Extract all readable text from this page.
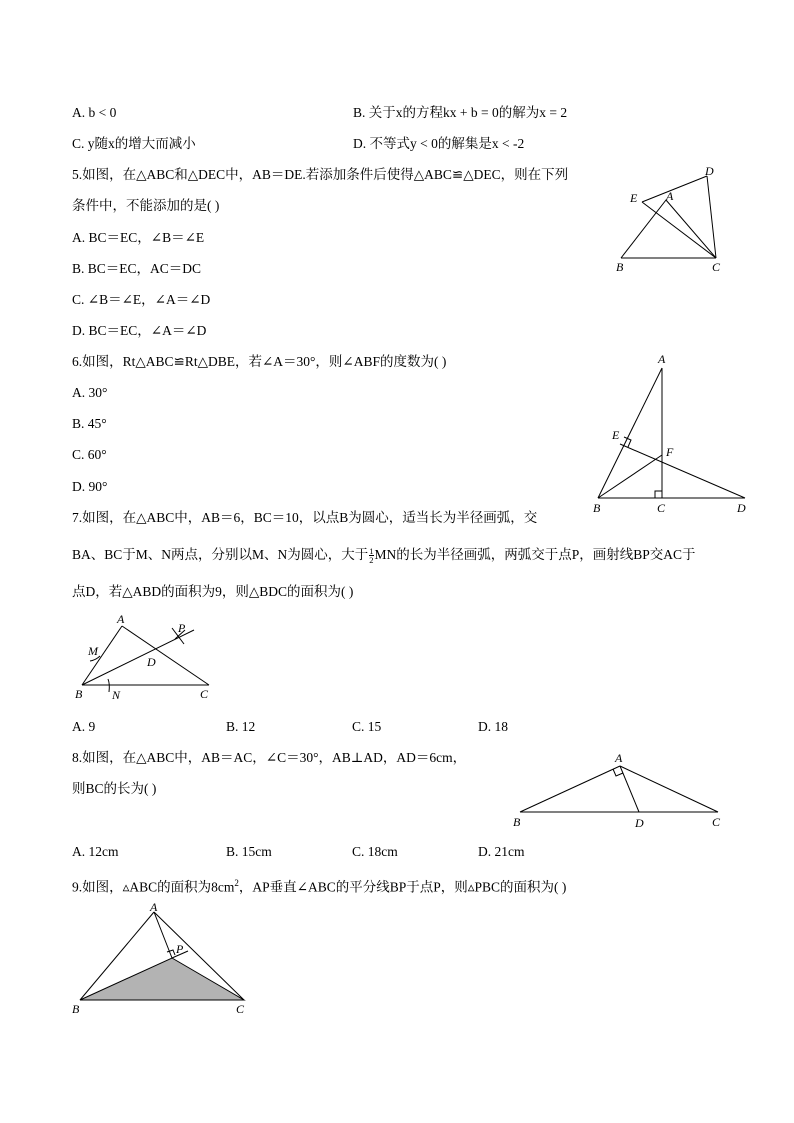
A. b < 0	B. 关于x的方程kx + b = 0的解为x = 2
C. y随x的增大而减小	D. 不等式y < 0的解集是x < -2
5.如图，在△ABC和△DEC中，AB＝DE.若添加条件后使得△ABC≌△DEC，则在下列
条件中，不能添加的是( )
A. BC＝EC，∠B＝∠E
B. BC＝EC，AC＝DC
C. ∠B＝∠E，∠A＝∠D
D. BC＝EC，∠A＝∠D
E A
D
B	C
6.如图，Rt△ABC≌Rt△DBE，若∠A＝30°，则∠ABF的度数为( )
A. 30°
B. 45°
C. 60°
D. 90°
A
E
F
B	C	D
7.如图，在△ABC中，AB＝6，BC＝10，以点B为圆心，适当长为半径画弧，交
BA、BC于M、N两点，分别以M、N为圆心，大于 $\frac{1}{2}$ MN的长为半径画弧，两弧交于点P，画射线BP交AC于
点D，若△ABD的面积为9，则△BDC的面积为( )
A
M
P
D
B N	C
A. 9	B. 12	C. 15	D. 18
8.如图，在△ABC中，AB＝AC，∠C＝30°，AB⊥AD，AD＝6cm，
则BC的长为( )
A
B	D	C
A. 12cm	B. 15cm	C. 18cm	D. 21cm
9.如图，▵ABC的面积为$8cm^2$，AP垂直∠ABC的平分线BP于点P，则▵PBC的面积为( )
A
P
B	C
